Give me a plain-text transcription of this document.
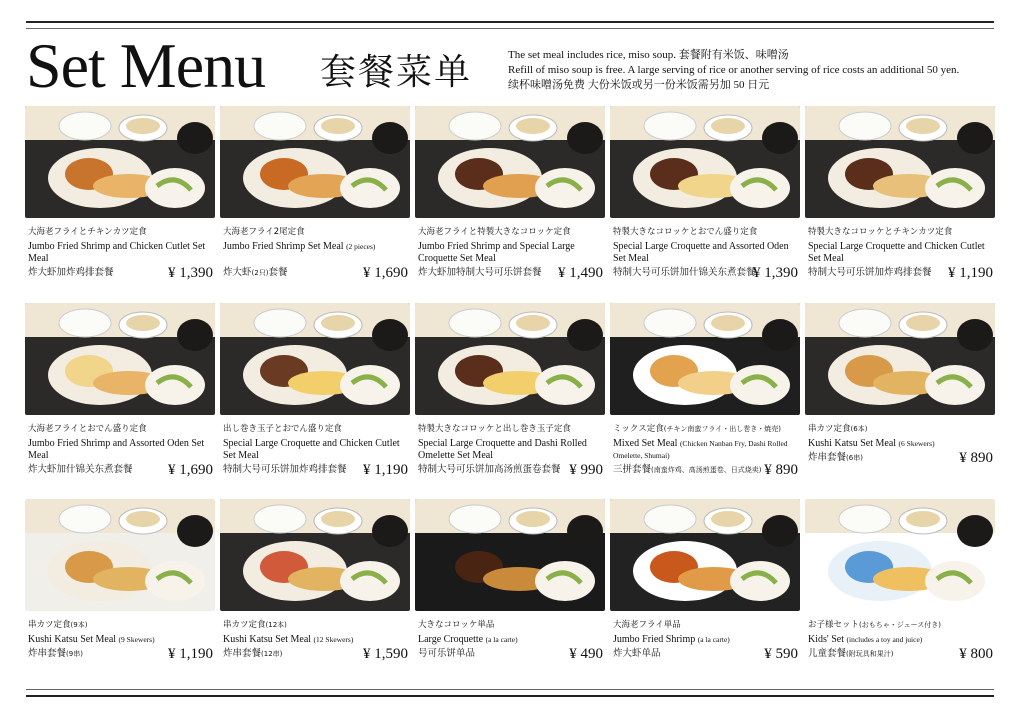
Set Menu 套餐菜单	The set meal includes rice, miso soup. 套餐附有米饭、味噌汤
Refill of miso soup is free. A large serving of rice or another serving of rice costs an additional 50 yen.
续杯味噌汤免费 大份米饭或另一份米饭需另加 50 日元
大海老フライとチキンカツ定食
Jumbo Fried Shrimp and Chicken Cutlet Set Meal
炸大虾加炸鸡排套餐	¥ 1,390
大海老フライ2尾定食
Jumbo Fried Shrimp Set Meal (2 pieces)
炸大虾(2只)套餐	¥ 1,690
大海老フライと特製大きなコロッケ定食
Jumbo Fried Shrimp and Special Large Croquette Set Meal
炸大虾加特制大号可乐饼套餐 ¥ 1,490
特製大きなコロッケとおでん盛り定食
Special Large Croquette and Assorted Oden Set Meal
特制大号可乐饼加什锦关东煮套餐
¥ 1,390
特製大きなコロッケとチキンカツ定食
Special Large Croquette and Chicken Cutlet Set Meal
特制大号可乐饼加炸鸡排套餐 ¥ 1,190
大海老フライとおでん盛り定食
Jumbo Fried Shrimp and Assorted Oden Set Meal
炸大虾加什锦关东煮套餐 ¥ 1,690
出し巻き玉子とおでん盛り定食
Special Large Croquette and Chicken Cutlet Set Meal
特制大号可乐饼加炸鸡排套餐 ¥ 1,190
特製大きなコロッケと出し巻き玉子定食
Special Large Croquette and Dashi Rolled Omelette Set Meal
特制大号可乐饼加高汤煎蛋卷套餐 ¥ 990
ミックス定食(チキン南蛮フライ・出し巻き・焼売)
Mixed Set Meal (Chicken Nanban Fry, Dashi Rolled Omelette, Shumai)
三拼套餐(南蛮炸鸡、高汤煎蛋卷、日式烧卖) ¥ 890
串カツ定食(6本)
Kushi Katsu Set Meal (6 Skewers)
炸串套餐(6串)	¥ 890
串カツ定食(9本)
Kushi Katsu Set Meal (9 Skewers)
炸串套餐(9串)	¥ 1,190
串カツ定食(12本)
Kushi Katsu Set Meal (12 Skewers)
炸串套餐(12串)	¥ 1,590
大きなコロッケ単品
Large Croquette (a la carte)
号可乐饼单品	¥ 490
大海老フライ単品
Jumbo Fried Shrimp (a la carte)
炸大虾单品	¥ 590
お子様セット(おもちゃ・ジュース付き)
Kids' Set (includes a toy and juice)
儿童套餐(附玩具和果汁)	¥ 800
